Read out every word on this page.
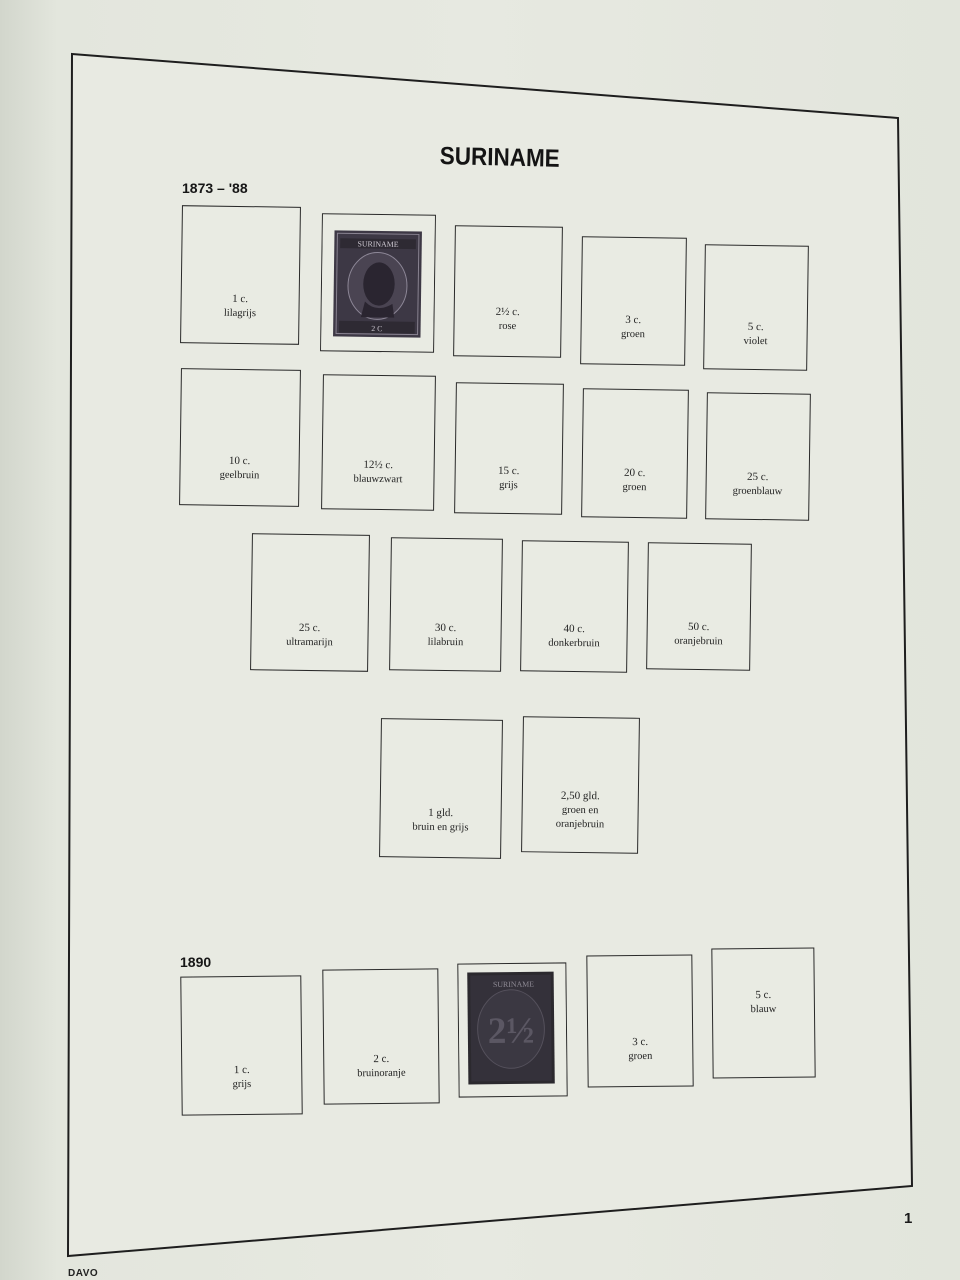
SURINAME
1873 – '88
1890
1 c.
lilagrijs
SURINAME
2 C
2½ c.
rose
3 c.
groen
5 c.
violet
10 c.
geelbruin
12½ c.
blauwzwart
15 c.
grijs
20 c.
groen
25 c.
groenblauw
25 c.
ultramarijn
30 c.
lilabruin
40 c.
donkerbruin
50 c.
oranjebruin
1 gld.
bruin en grijs
2,50 gld.
groen en oranjebruin
1 c.
grijs
2 c.
bruinoranje
SURINAME
2½	3 c.
groen
5 c.
blauw
1
DAVO
